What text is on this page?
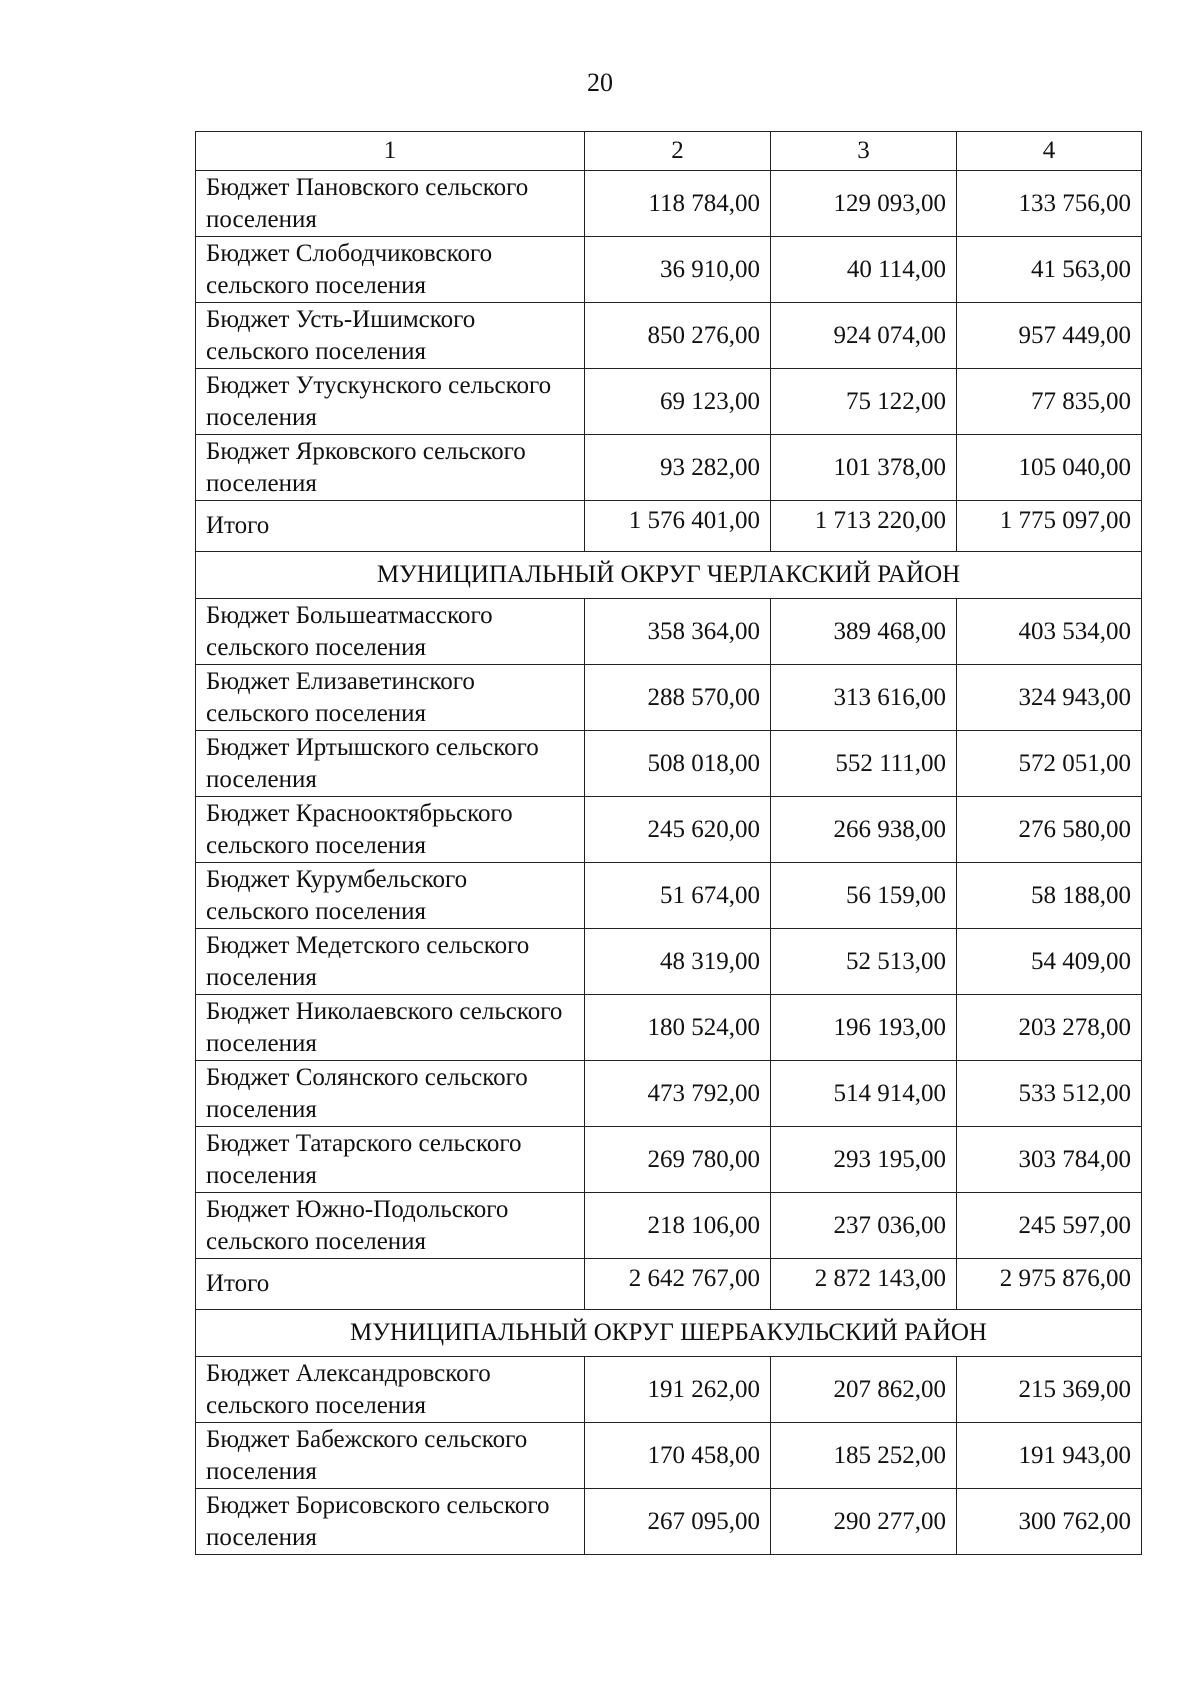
20
1	2	3	4
Бюджет Пановского сельского поселения	118 784,00	129 093,00	133 756,00
Бюджет Слободчиковского сельского поселения	36 910,00	40 114,00	41 563,00
Бюджет Усть-Ишимского сельского поселения	850 276,00	924 074,00	957 449,00
Бюджет Утускунского сельского поселения	69 123,00	75 122,00	77 835,00
Бюджет Ярковского сельского поселения	93 282,00	101 378,00	105 040,00
Итого	1 576 401,00	1 713 220,00	1 775 097,00
МУНИЦИПАЛЬНЫЙ ОКРУГ ЧЕРЛАКСКИЙ РАЙОН			
Бюджет Большеатмасского сельского поселения	358 364,00	389 468,00	403 534,00
Бюджет Елизаветинского сельского поселения	288 570,00	313 616,00	324 943,00
Бюджет Иртышского сельского поселения	508 018,00	552 111,00	572 051,00
Бюджет Краснооктябрьского сельского поселения	245 620,00	266 938,00	276 580,00
Бюджет Курумбельского сельского поселения	51 674,00	56 159,00	58 188,00
Бюджет Медетского сельского поселения	48 319,00	52 513,00	54 409,00
Бюджет Николаевского сельского поселения	180 524,00	196 193,00	203 278,00
Бюджет Солянского сельского поселения	473 792,00	514 914,00	533 512,00
Бюджет Татарского сельского поселения	269 780,00	293 195,00	303 784,00
Бюджет Южно-Подольского сельского поселения	218 106,00	237 036,00	245 597,00
Итого	2 642 767,00	2 872 143,00	2 975 876,00
МУНИЦИПАЛЬНЫЙ ОКРУГ ШЕРБАКУЛЬСКИЙ РАЙОН			
Бюджет Александровского сельского поселения	191 262,00	207 862,00	215 369,00
Бюджет Бабежского сельского поселения	170 458,00	185 252,00	191 943,00
Бюджет Борисовского сельского поселения	267 095,00	290 277,00	300 762,00
